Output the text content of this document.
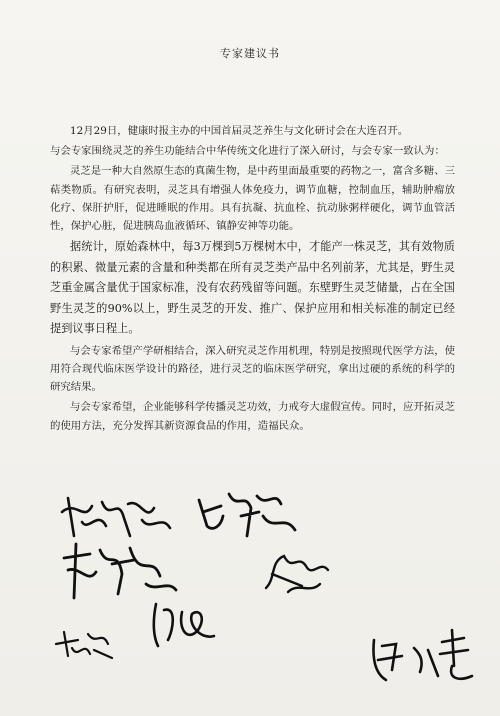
专家建议书

12月29日，健康时报主办的中国首届灵芝养生与文化研讨会在大连召开。

与会专家围绕灵芝的养生功能结合中华传统文化进行了深入研讨，与会专家一致认为：

灵芝是一种大自然原生态的真菌生物，是中药里面最重要的药物之一，富含多糖、三萜类物质。有研究表明，灵芝具有增强人体免疫力，调节血糖，控制血压，辅助肿瘤放化疗、保肝护肝，促进睡眠的作用。具有抗凝、抗血栓、抗动脉粥样硬化，调节血管活性，保护心脏，促进胰岛血液循环、镇静安神等功能。

据统计，原始森林中，每3万棵到5万棵树木中，才能产一株灵芝，其有效物质的积累、微量元素的含量和种类都在所有灵芝类产品中名列前茅，尤其是，野生灵芝重金属含量优于国家标准，没有农药残留等问题。东壁野生灵芝储量，占在全国野生灵芝的90%以上，野生灵芝的开发、推广、保护应用和相关标准的制定已经提到议事日程上。

与会专家希望产学研相结合，深入研究灵芝作用机理，特别是按照现代医学方法，使用符合现代临床医学设计的路径，进行灵芝的临床医学研究，拿出过硬的系统的科学的研究结果。

与会专家希望，企业能够科学传播灵芝功效，力戒夸大虚假宣传。同时，应开拓灵芝的使用方法，充分发挥其新资源食品的作用，造福民众。
